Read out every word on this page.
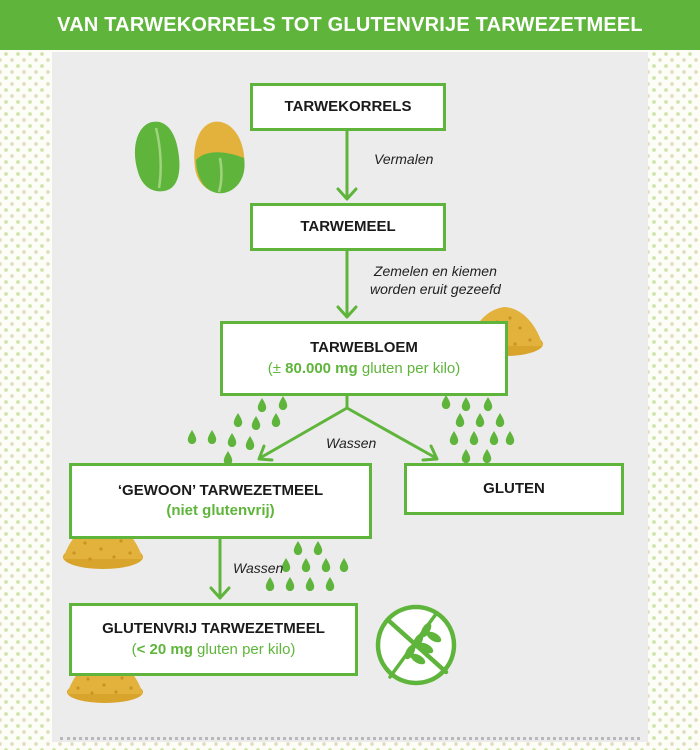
VAN TARWEKORRELS TOT GLUTENVRIJE TARWEZETMEEL
TARWEKORRELS
TARWEMEEL
TARWEBLOEM
(± 80.000 mg gluten per kilo)
‘GEWOON’ TARWEZETMEEL
(niet glutenvrij)
GLUTEN
GLUTENVRIJ TARWEZETMEEL
(< 20 mg gluten per kilo)
Vermalen
Zemelen en kiemen
worden eruit gezeefd
Wassen
Wassen
